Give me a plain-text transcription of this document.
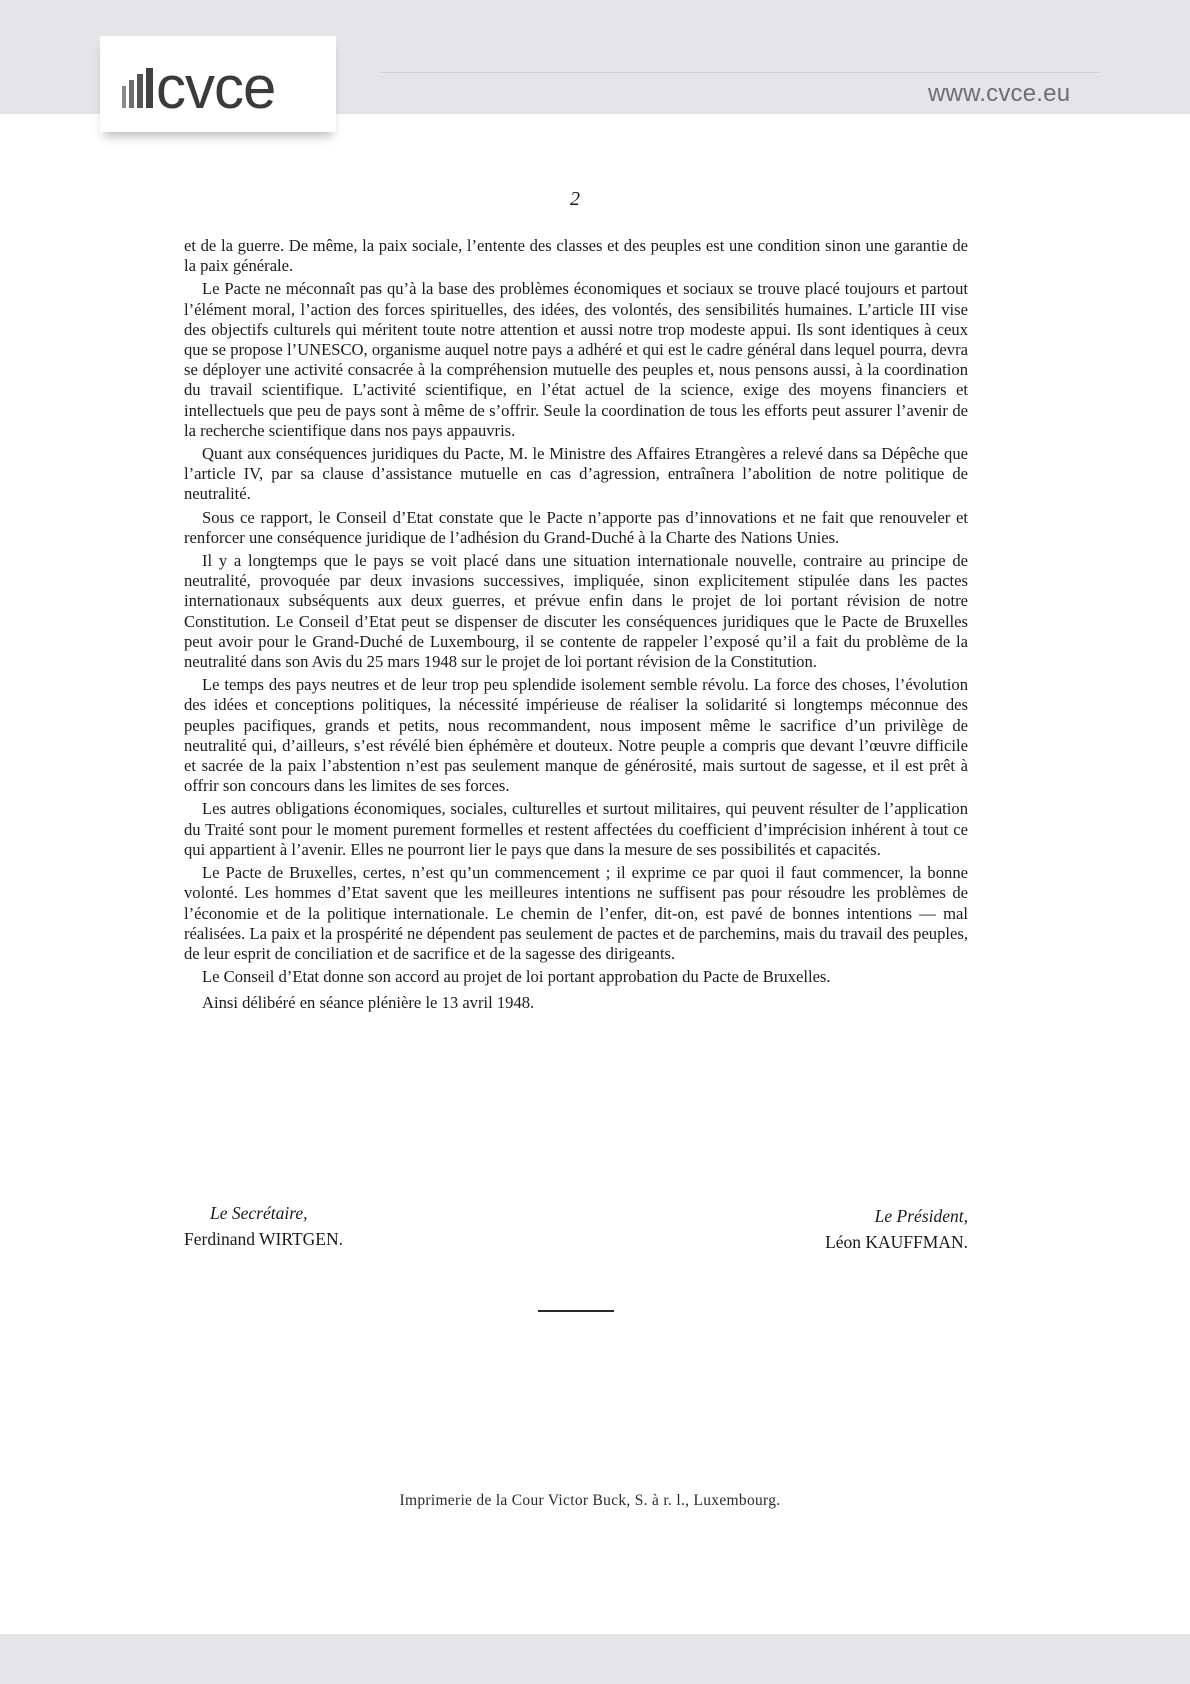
cvce	www.cvce.eu
2

et de la guerre. De même, la paix sociale, l’entente des classes et des peuples est une condition sinon une garantie de la paix générale.

Le Pacte ne méconnaît pas qu’à la base des problèmes économiques et sociaux se trouve placé toujours et partout l’élément moral, l’action des forces spirituelles, des idées, des volontés, des sensibilités humaines. L’article III vise des objectifs culturels qui méritent toute notre attention et aussi notre trop modeste appui. Ils sont identiques à ceux que se propose l’UNESCO, organisme auquel notre pays a adhéré et qui est le cadre général dans lequel pourra, devra se déployer une activité consacrée à la compréhension mutuelle des peuples et, nous pensons aussi, à la coordination du travail scientifique. L’activité scientifique, en l’état actuel de la science, exige des moyens financiers et intellectuels que peu de pays sont à même de s’offrir. Seule la coordination de tous les efforts peut assurer l’avenir de la recherche scientifique dans nos pays appauvris.

Quant aux conséquences juridiques du Pacte, M. le Ministre des Affaires Etrangères a relevé dans sa Dépêche que l’article IV, par sa clause d’assistance mutuelle en cas d’agression, entraînera l’abolition de notre politique de neutralité.

Sous ce rapport, le Conseil d’Etat constate que le Pacte n’apporte pas d’innovations et ne fait que renouveler et renforcer une conséquence juridique de l’adhésion du Grand-Duché à la Charte des Nations Unies.

Il y a longtemps que le pays se voit placé dans une situation internationale nouvelle, contraire au principe de neutralité, provoquée par deux invasions successives, impliquée, sinon explicitement stipulée dans les pactes internationaux subséquents aux deux guerres, et prévue enfin dans le projet de loi portant révision de notre Constitution. Le Conseil d’Etat peut se dispenser de discuter les conséquences juridiques que le Pacte de Bruxelles peut avoir pour le Grand-Duché de Luxembourg, il se contente de rappeler l’exposé qu’il a fait du problème de la neutralité dans son Avis du 25 mars 1948 sur le projet de loi portant révision de la Constitution.

Le temps des pays neutres et de leur trop peu splendide isolement semble révolu. La force des choses, l’évolution des idées et conceptions politiques, la nécessité impérieuse de réaliser la solidarité si longtemps méconnue des peuples pacifiques, grands et petits, nous recommandent, nous imposent même le sacrifice d’un privilège de neutralité qui, d’ailleurs, s’est révélé bien éphémère et douteux. Notre peuple a compris que devant l’œuvre difficile et sacrée de la paix l’abstention n’est pas seulement manque de générosité, mais surtout de sagesse, et il est prêt à offrir son concours dans les limites de ses forces.

Les autres obligations économiques, sociales, culturelles et surtout militaires, qui peuvent résulter de l’application du Traité sont pour le moment purement formelles et restent affectées du coefficient d’imprécision inhérent à tout ce qui appartient à l’avenir. Elles ne pourront lier le pays que dans la mesure de ses possibilités et capacités.

Le Pacte de Bruxelles, certes, n’est qu’un commencement ; il exprime ce par quoi il faut commencer, la bonne volonté. Les hommes d’Etat savent que les meilleures intentions ne suffisent pas pour résoudre les problèmes de l’économie et de la politique internationale. Le chemin de l’enfer, dit-on, est pavé de bonnes intentions — mal réalisées. La paix et la prospérité ne dépendent pas seulement de pactes et de parchemins, mais du travail des peuples, de leur esprit de conciliation et de sacrifice et de la sagesse des dirigeants.

Le Conseil d’Etat donne son accord au projet de loi portant approbation du Pacte de Bruxelles.

Ainsi délibéré en séance plénière le 13 avril 1948.

Le Secrétaire,
Ferdinand WIRTGEN.
Le Président,
Léon KAUFFMAN.
Imprimerie de la Cour Victor Buck, S. à r. l., Luxembourg.
